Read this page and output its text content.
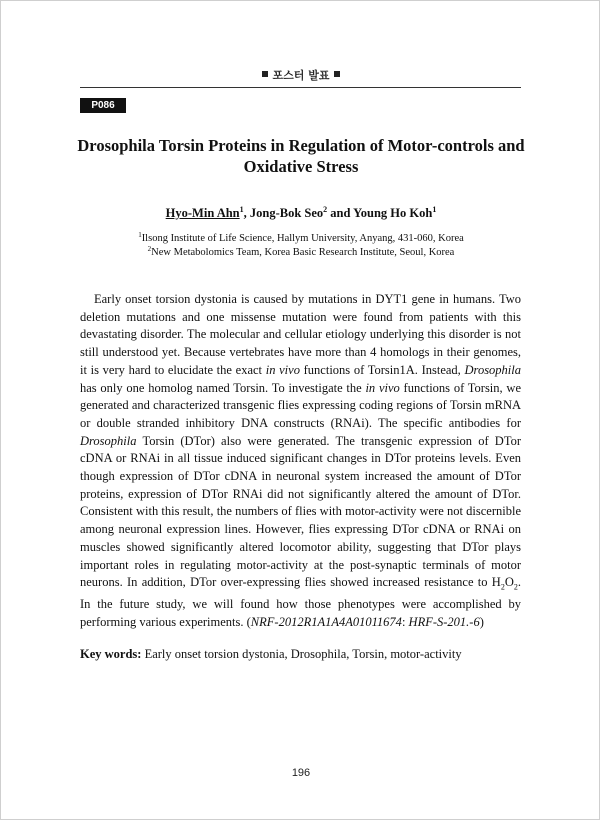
포스터 발표
P086
Drosophila Torsin Proteins in Regulation of Motor-controls and
Oxidative Stress
Hyo-Min Ahn$^1$, Jong-Bok Seo$^2$ and Young Ho Koh$^1$
$^1$Ilsong Institute of Life Science, Hallym University, Anyang, 431-060, Korea
$^2$New Metabolomics Team, Korea Basic Research Institute, Seoul, Korea

Early onset torsion dystonia is caused by mutations in DYT1 gene in humans. Two deletion mutations and one missense mutation were found from patients with this devastating disorder. The molecular and cellular etiology underlying this disorder is not still understood yet. Because vertebrates have more than 4 homologs in their genomes, it is very hard to elucidate the exact in vivo functions of Torsin1A. Instead, Drosophila has only one homolog named Torsin. To investigate the in vivo functions of Torsin, we generated and characterized transgenic flies expressing coding regions of Torsin mRNA or double stranded inhibitory DNA constructs (RNAi). The specific antibodies for Drosophila Torsin (DTor) also were generated. The transgenic expression of DTor cDNA or RNAi in all tissue induced significant changes in DTor proteins levels. Even though expression of DTor cDNA in neuronal system increased the amount of DTor proteins, expression of DTor RNAi did not significantly altered the amount of DTor. Consistent with this result, the numbers of flies with motor-activity were not discernible among neuronal expression lines. However, flies expressing DTor cDNA or RNAi on muscles showed significantly altered locomotor ability, suggesting that DTor plays important roles in regulating motor-activity at the post-synaptic terminals of motor neurons. In addition, DTor over-expressing flies showed increased resistance to $H_2O_2$. In the future study, we will found how those phenotypes were accomplished by performing various experiments. (NRF-2012R1A1A4A01011674: HRF-S-201.-6)

Key words: Early onset torsion dystonia, Drosophila, Torsin, motor-activity
196
